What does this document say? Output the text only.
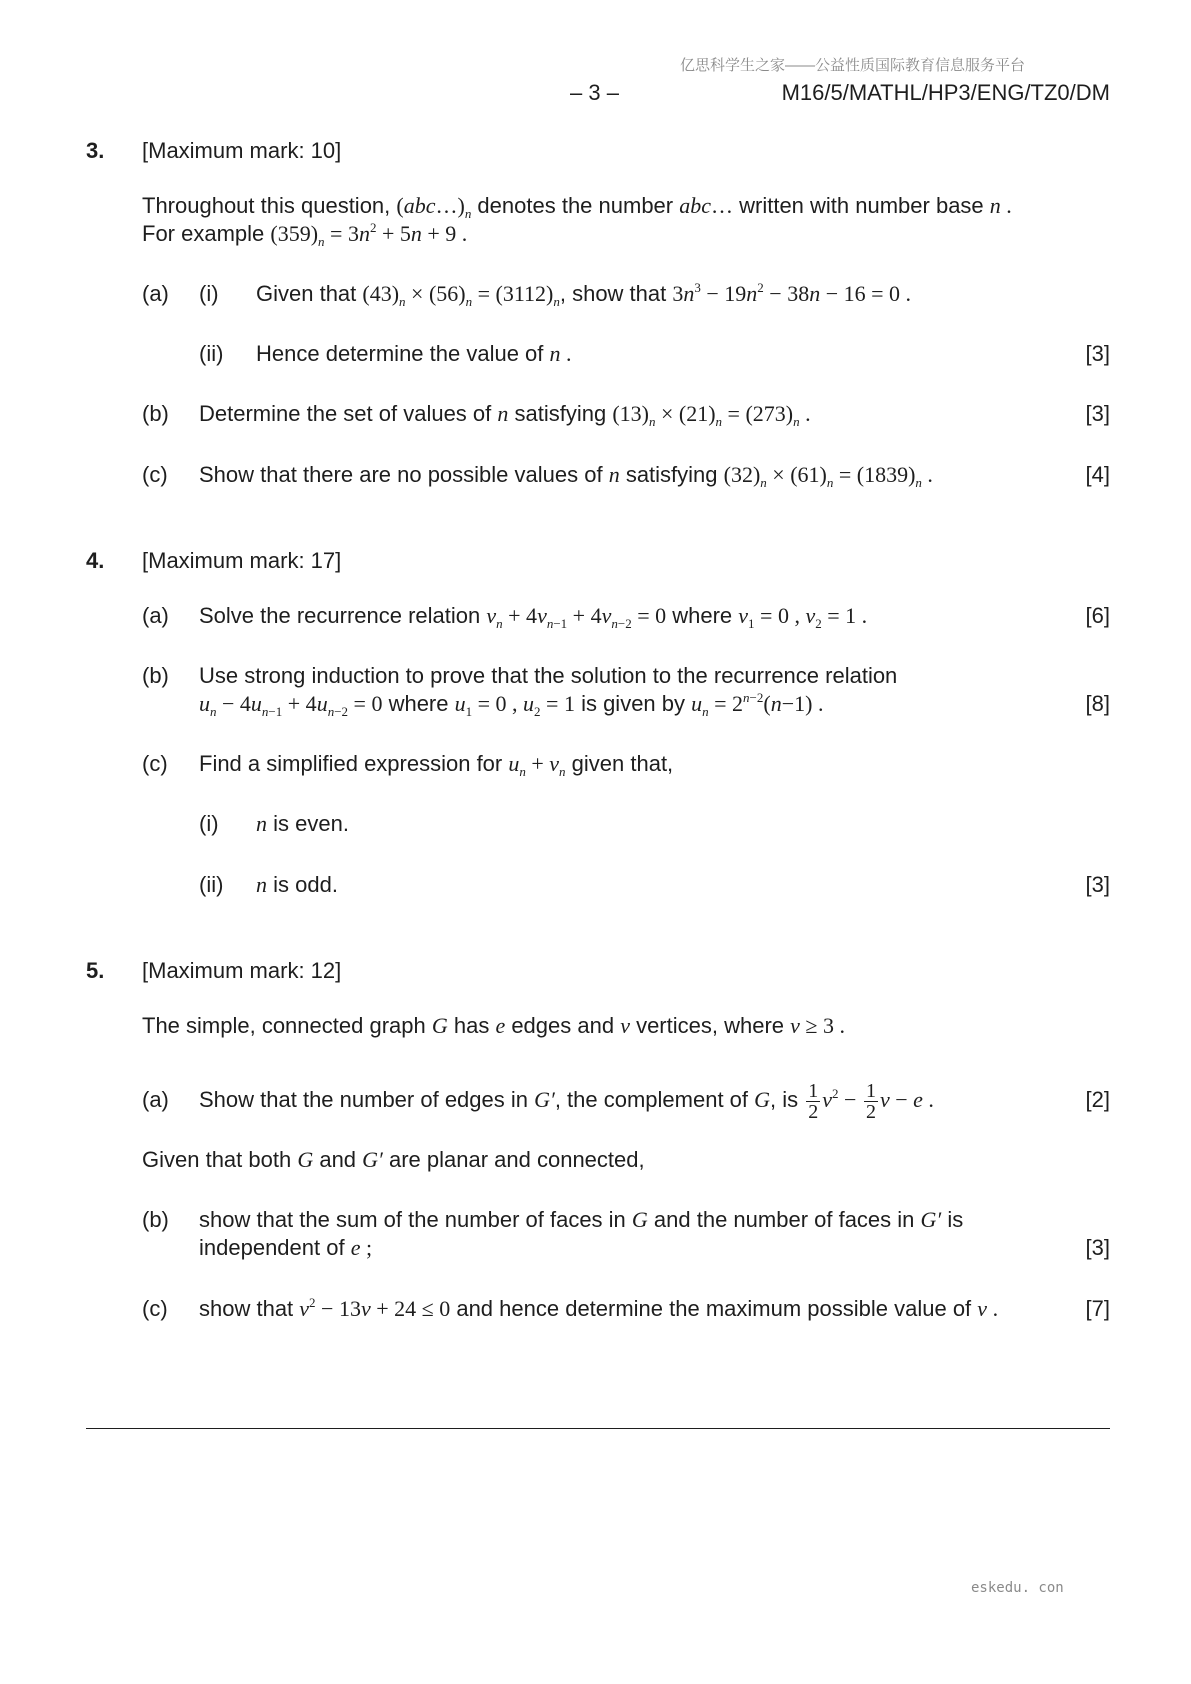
亿思科学生之家——公益性质国际教育信息服务平台
– 3 –	M16/5/MATHL/HP3/ENG/TZ0/DM
3. [Maximum mark: 10]
Throughout this question, $(abc\dots)_n$ denotes the number abc… written with number base n .
For example $(359)_n = 3n^2 + 5n + 9$ .
(a) (i) Given that $(43)_n \times (56)_n = (3112)_n$, show that $3n^3 - 19n^2 - 38n - 16 = 0$ .
(ii) Hence determine the value of n .	[3]
(b) Determine the set of values of n satisfying $(13)_n \times (21)_n = (273)_n$ .	[3]
(c) Show that there are no possible values of n satisfying $(32)_n \times (61)_n = (1839)_n$ .	[4]
4. [Maximum mark: 17]
(a) Solve the recurrence relation $v_n + 4v_{n-1} + 4v_{n-2} = 0$ where $v_1 = 0$ , $v_2 = 1$ .	[6]
(b) Use strong induction to prove that the solution to the recurrence relation
$u_n - 4u_{n-1} + 4u_{n-2} = 0$ where $u_1 = 0$ , $u_2 = 1$ is given by $u_n = 2^{n-2}(n-1)$ .	[8]
(c) Find a simplified expression for $u_n + v_n$ given that,
(i) n is even.
(ii) n is odd.	[3]
5. [Maximum mark: 12]
The simple, connected graph G has e edges and v vertices, where v ≥ 3 .
(a) Show that the number of edges in G′, the complement of G, is $\frac{1}{2} v^2 - \frac{1}{2}$ v − e .	[2]
Given that both G and G′ are planar and connected,
(b) show that the sum of the number of faces in G and the number of faces in G′ is
independent of e ;	[3]
(c) show that $v^2 - 13v + 24 \le 0$ and hence determine the maximum possible value of v .	[7]
eskedu. con
